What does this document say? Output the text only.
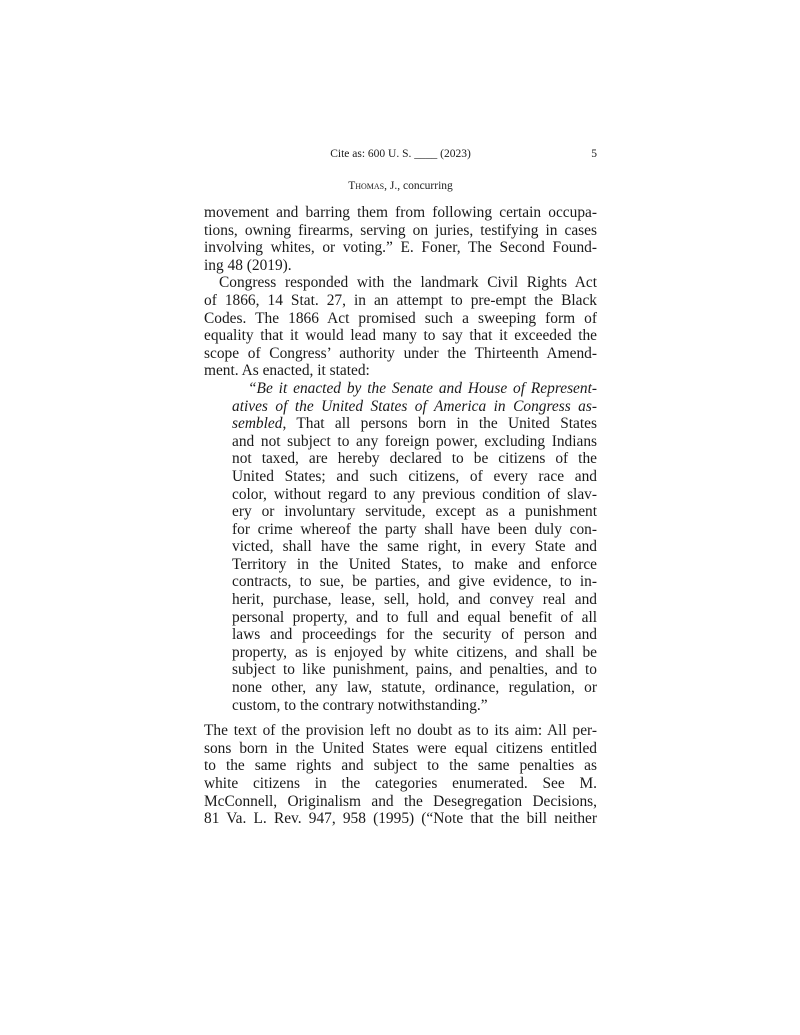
Cite as: 600 U. S. ____ (2023)	5
Thomas, J., concurring
movement and barring them from following certain occupa-
tions, owning firearms, serving on juries, testifying in cases
involving whites, or voting.” E. Foner, The Second Found-
ing 48 (2019).
Congress responded with the landmark Civil Rights Act
of 1866, 14 Stat. 27, in an attempt to pre-empt the Black
Codes. The 1866 Act promised such a sweeping form of
equality that it would lead many to say that it exceeded the
scope of Congress’ authority under the Thirteenth Amend-
ment. As enacted, it stated:
“Be it enacted by the Senate and House of Represent-
atives of the United States of America in Congress as-
sembled, That all persons born in the United States
and not subject to any foreign power, excluding Indians
not taxed, are hereby declared to be citizens of the
United States; and such citizens, of every race and
color, without regard to any previous condition of slav-
ery or involuntary servitude, except as a punishment
for crime whereof the party shall have been duly con-
victed, shall have the same right, in every State and
Territory in the United States, to make and enforce
contracts, to sue, be parties, and give evidence, to in-
herit, purchase, lease, sell, hold, and convey real and
personal property, and to full and equal benefit of all
laws and proceedings for the security of person and
property, as is enjoyed by white citizens, and shall be
subject to like punishment, pains, and penalties, and to
none other, any law, statute, ordinance, regulation, or
custom, to the contrary notwithstanding.”
The text of the provision left no doubt as to its aim: All per-
sons born in the United States were equal citizens entitled
to the same rights and subject to the same penalties as
white citizens in the categories enumerated. See M.
McConnell, Originalism and the Desegregation Decisions,
81 Va. L. Rev. 947, 958 (1995) (“Note that the bill neither
